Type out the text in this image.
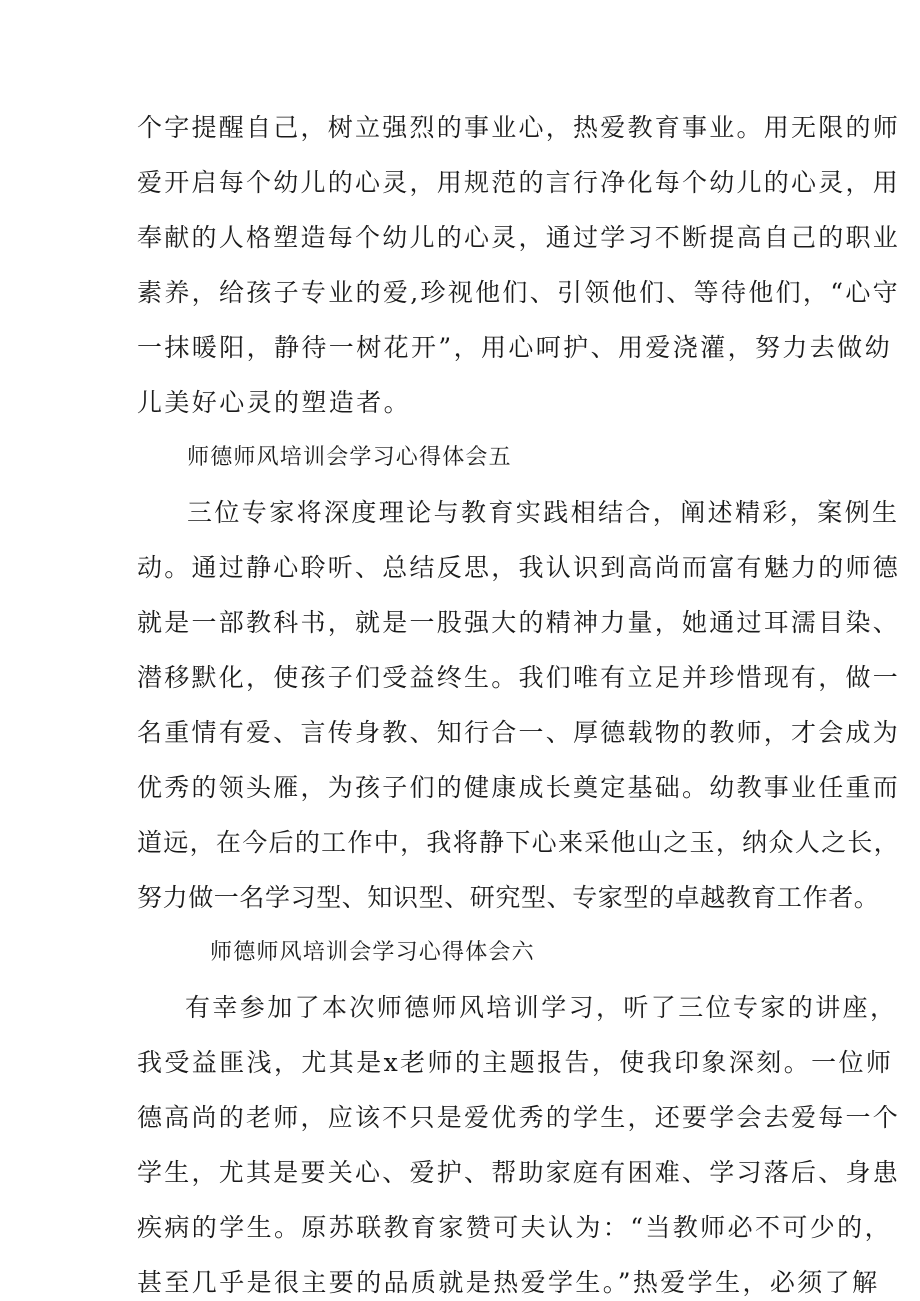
个字提醒自己，树立强烈的事业心，热爱教育事业。用无限的师
爱开启每个幼儿的心灵，用规范的言行净化每个幼儿的心灵，用
奉献的人格塑造每个幼儿的心灵，通过学习不断提高自己的职业
素养，给孩子专业的爱,珍视他们、引领他们、等待他们，“心守
一抹暖阳，静待一树花开”，用心呵护、用爱浇灌，努力去做幼
儿美好心灵的塑造者。
师德师风培训会学习心得体会五
三位专家将深度理论与教育实践相结合，阐述精彩，案例生
动。通过静心聆听、总结反思，我认识到高尚而富有魅力的师德
就是一部教科书，就是一股强大的精神力量，她通过耳濡目染、
潜移默化，使孩子们受益终生。我们唯有立足并珍惜现有，做一
名重情有爱、言传身教、知行合一、厚德载物的教师，才会成为
优秀的领头雁，为孩子们的健康成长奠定基础。幼教事业任重而
道远，在今后的工作中，我将静下心来采他山之玉，纳众人之长，
努力做一名学习型、知识型、研究型、专家型的卓越教育工作者。
师德师风培训会学习心得体会六
有幸参加了本次师德师风培训学习，听了三位专家的讲座，
我受益匪浅，尤其是x老师的主题报告，使我印象深刻。一位师
德高尚的老师，应该不只是爱优秀的学生，还要学会去爱每一个
学生，尤其是要关心、爱护、帮助家庭有困难、学习落后、身患
疾病的学生。原苏联教育家赞可夫认为：“当教师必不可少的，
甚至几乎是很主要的品质就是热爱学生。”热爱学生，必须了解
